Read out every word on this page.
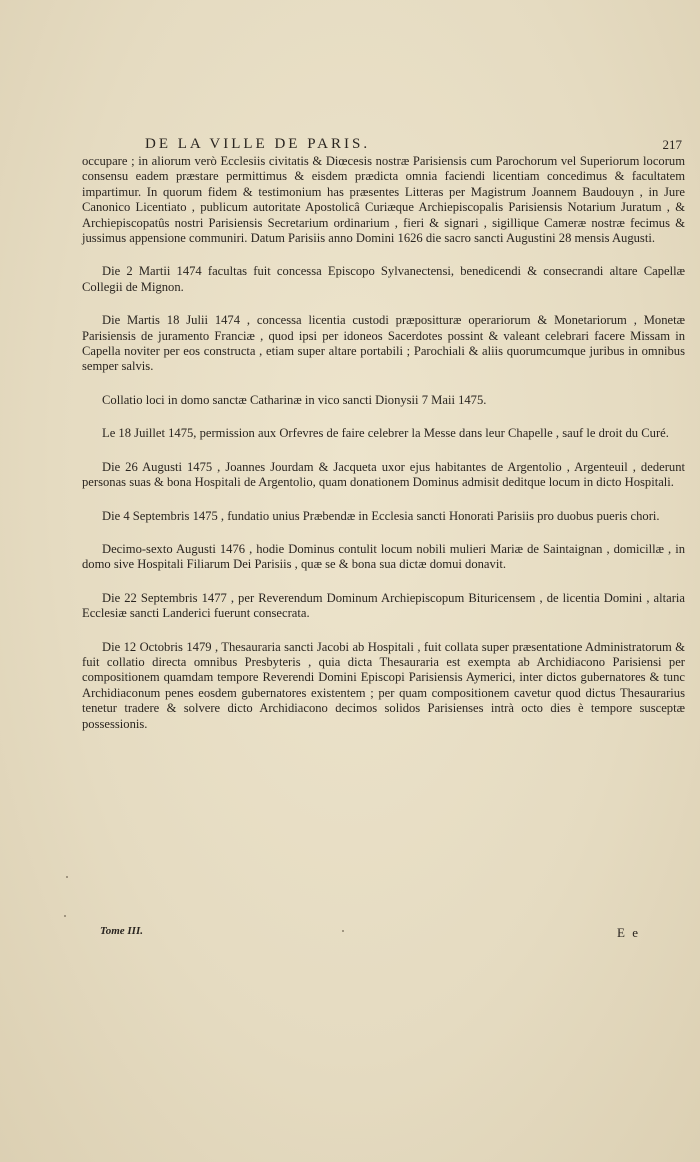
DE LA VILLE DE PARIS.	217

occupare ; in aliorum verò Ecclesiis civitatis & Diœcesis nostræ Parisiensis cum Parochorum vel Superiorum locorum consensu eadem præstare permittimus & eisdem prædicta omnia faciendi licentiam concedimus & facultatem impartimur. In quorum fidem & testimonium has præsentes Litteras per Magistrum Joannem Baudouyn , in Jure Canonico Licentiato , publicum autoritate Apostolicâ Curiæque Archiepiscopalis Parisiensis Notarium Juratum , & Archiepiscopatûs nostri Parisiensis Secretarium ordinarium , fieri & signari , sigillique Cameræ nostræ fecimus & jussimus appensione communiri. Datum Parisiis anno Domini 1626 die sacro sancti Augustini 28 mensis Augusti.

Die 2 Martii 1474 facultas fuit concessa Episcopo Sylvanectensi, benedicendi & consecrandi altare Capellæ Collegii de Mignon.

Die Martis 18 Julii 1474 , concessa licentia custodi præpositturæ operariorum & Monetariorum , Monetæ Parisiensis de juramento Franciæ , quod ipsi per idoneos Sacerdotes possint & valeant celebrari facere Missam in Capella noviter per eos constructa , etiam super altare portabili ; Parochiali & aliis quorumcumque juribus in omnibus semper salvis.

Collatio loci in domo sanctæ Catharinæ in vico sancti Dionysii 7 Maii 1475.

Le 18 Juillet 1475, permission aux Orfevres de faire celebrer la Messe dans leur Chapelle , sauf le droit du Curé.

Die 26 Augusti 1475 , Joannes Jourdam & Jacqueta uxor ejus habitantes de Argentolio , Argenteuil , dederunt personas suas & bona Hospitali de Argentolio, quam donationem Dominus admisit deditque locum in dicto Hospitali.

Die 4 Septembris 1475 , fundatio unius Præbendæ in Ecclesia sancti Honorati Parisiis pro duobus pueris chori.

Decimo-sexto Augusti 1476 , hodie Dominus contulit locum nobili mulieri Mariæ de Saintaignan , domicillæ , in domo sive Hospitali Filiarum Dei Parisiis , quæ se & bona sua dictæ domui donavit.

Die 22 Septembris 1477 , per Reverendum Dominum Archiepiscopum Bituricensem , de licentia Domini , altaria Ecclesiæ sancti Landerici fuerunt consecrata.

Die 12 Octobris 1479 , Thesauraria sancti Jacobi ab Hospitali , fuit collata super præsentatione Administratorum & fuit collatio directa omnibus Presbyteris , quia dicta Thesauraria est exempta ab Archidiacono Parisiensi per compositionem quamdam tempore Reverendi Domini Episcopi Parisiensis Aymerici, inter dictos gubernatores & tunc Archidiaconum penes eosdem gubernatores existentem ; per quam compositionem cavetur quod dictus Thesaurarius tenetur tradere & solvere dicto Archidiacono decimos solidos Parisienses intrà octo dies è tempore susceptæ possessionis.

Tome III.	E e
